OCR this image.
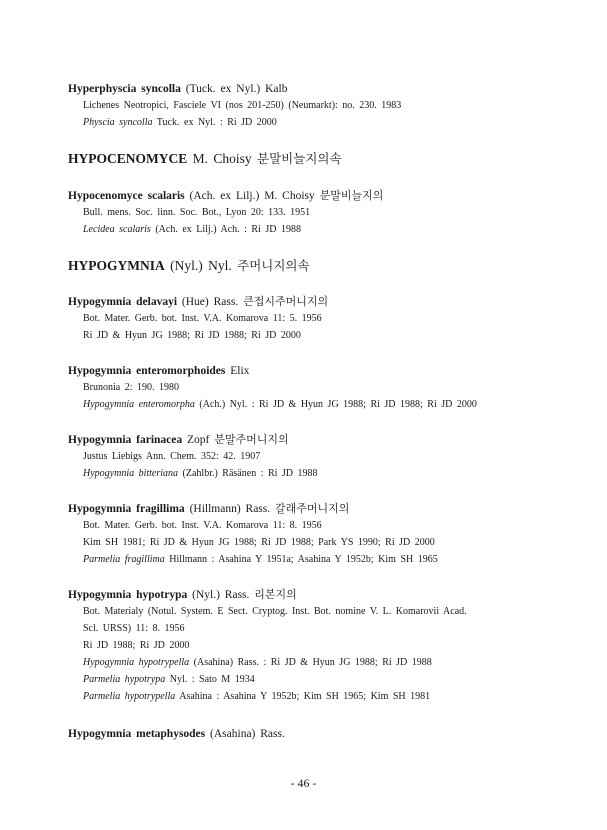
Hyperphyscia syncolla (Tuck. ex Nyl.) Kalb
Lichenes Neotropici, Fasciele VI (nos 201-250) (Neumarkt): no. 230. 1983
Physcia syncolla Tuck. ex Nyl. : Ri JD 2000
HYPOCENOMYCE M. Choisy 분말비늘지의속
Hypocenomyce scalaris (Ach. ex Lilj.) M. Choisy 분말비늘지의
Bull. mens. Soc. linn. Soc. Bot., Lyon 20: 133. 1951
Lecidea scalaris (Ach. ex Lilj.) Ach. : Ri JD 1988
HYPOGYMNIA (Nyl.) Nyl. 주머니지의속
Hypogymnia delavayi (Hue) Rass. 큰접시주머니지의
Bot. Mater. Gerb. bot. Inst. V.A. Komarova 11: 5. 1956
Ri JD & Hyun JG 1988; Ri JD 1988; Ri JD 2000
Hypogymnia enteromorphoides Elix
Brunonia 2: 190. 1980
Hypogymnia enteromorpha (Ach.) Nyl. : Ri JD & Hyun JG 1988; Ri JD 1988; Ri JD 2000
Hypogymnia farinacea Zopf 분말주머니지의
Justus Liebigs Ann. Chem. 352: 42. 1907
Hypogymnia bitteriana (Zahlbr.) Räsänen : Ri JD 1988
Hypogymnia fragillima (Hillmann) Rass. 갈래주머니지의
Bot. Mater. Gerb. bot. Inst. V.A. Komarova 11: 8. 1956
Kim SH 1981; Ri JD & Hyun JG 1988; Ri JD 1988; Park YS 1990; Ri JD 2000
Parmelia fragillima Hillmann : Asahina Y 1951a; Asahina Y 1952b; Kim SH 1965
Hypogymnia hypotrypa (Nyl.) Rass. 리본지의
Bot. Materialy (Notul. System. E Sect. Cryptog. Inst. Bot. nomine V. L. Komarovii Acad.
Scl. URSS) 11: 8. 1956
Ri JD 1988; Ri JD 2000
Hypogymnia hypotrypella (Asahina) Rass. : Ri JD & Hyun JG 1988; Ri JD 1988
Parmelia hypotrypa Nyl. : Sato M 1934
Parmelia hypotrypella Asahina : Asahina Y 1952b; Kim SH 1965; Kim SH 1981
Hypogymnia metaphysodes (Asahina) Rass.
- 46 -
